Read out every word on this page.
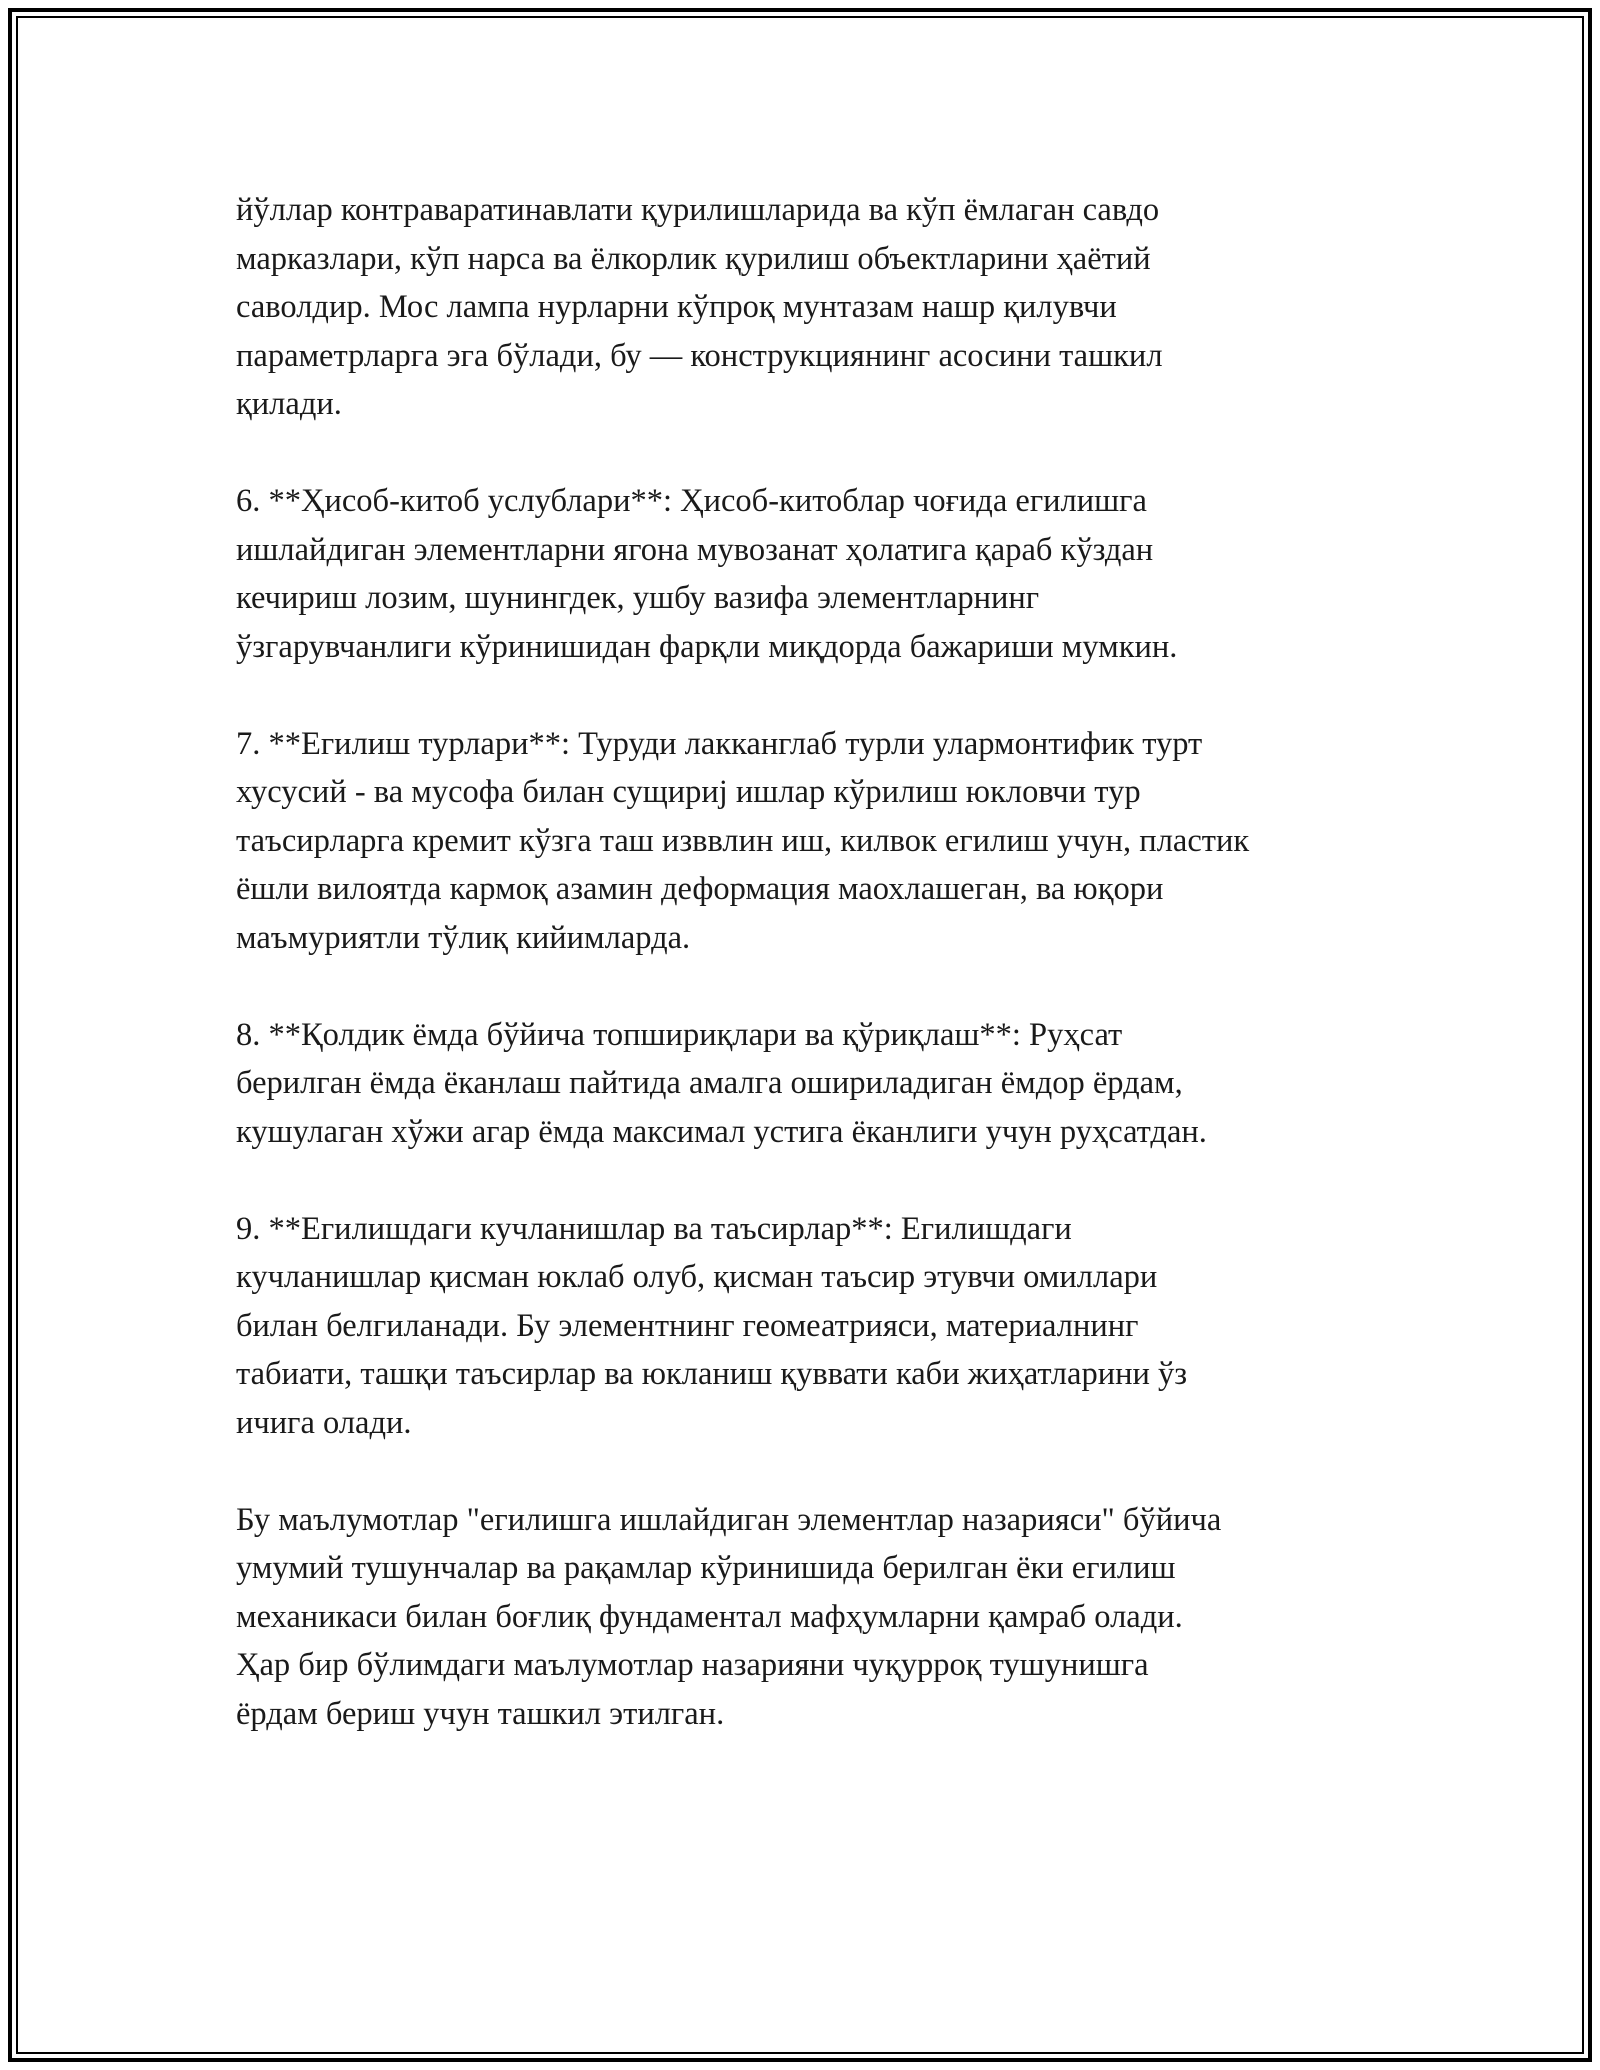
йўллар контраваратинавлати қурилишларида ва кўп ёмлаган савдо
марказлари, кўп нарса ва ёлкорлик қурилиш объектларини ҳаётий
саволдир. Мос лампа нурларни кўпроқ мунтазам нашр қилувчи
параметрларга эга бўлади, бу — конструкциянинг асосини ташкил
қилади.

6. **Ҳисоб-китоб услублари**: Ҳисоб-китоблар чоғида егилишга
ишлайдиган элементларни ягона мувозанат ҳолатига қараб кўздан
кечириш лозим, шунингдек, ушбу вазифа элементларнинг
ўзгарувчанлиги кўринишидан фарқли миқдорда бажариши мумкин.

7. **Егилиш турлари**: Туруди лакканглаб турли улармонтифик турт
хусусий - ва мусофа билан сущириј ишлар кўрилиш юкловчи тур
таъсирларга кремит кўзга таш изввлин иш, килвок егилиш учун, пластик
ёшли вилоятда кармоқ азамин деформация маохлашеган, ва юқори
маъмуриятли тўлиқ кийимларда.

8. **Қолдик ёмда бўйича топшириқлари ва қўриқлаш**: Руҳсат
берилган ёмда ёканлаш пайтида амалга ошириладиган ёмдор ёрдам,
кушулаган хўжи агар ёмда максимал устига ёканлиги учун руҳсатдан.

9. **Егилишдаги кучланишлар ва таъсирлар**: Егилишдаги
кучланишлар қисман юклаб олуб, қисман таъсир этувчи омиллари
билан белгиланади. Бу элементнинг геомеатрияси, материалнинг
табиати, ташқи таъсирлар ва юкланиш қуввати каби жиҳатларини ўз
ичига олади.

Бу маълумотлар "егилишга ишлайдиган элементлар назарияси" бўйича
умумий тушунчалар ва рақамлар кўринишида берилган ёки егилиш
механикаси билан боғлиқ фундаментал мафҳумларни қамраб олади.
Ҳар бир бўлимдаги маълумотлар назарияни чуқурроқ тушунишга
ёрдам бериш учун ташкил этилган.
